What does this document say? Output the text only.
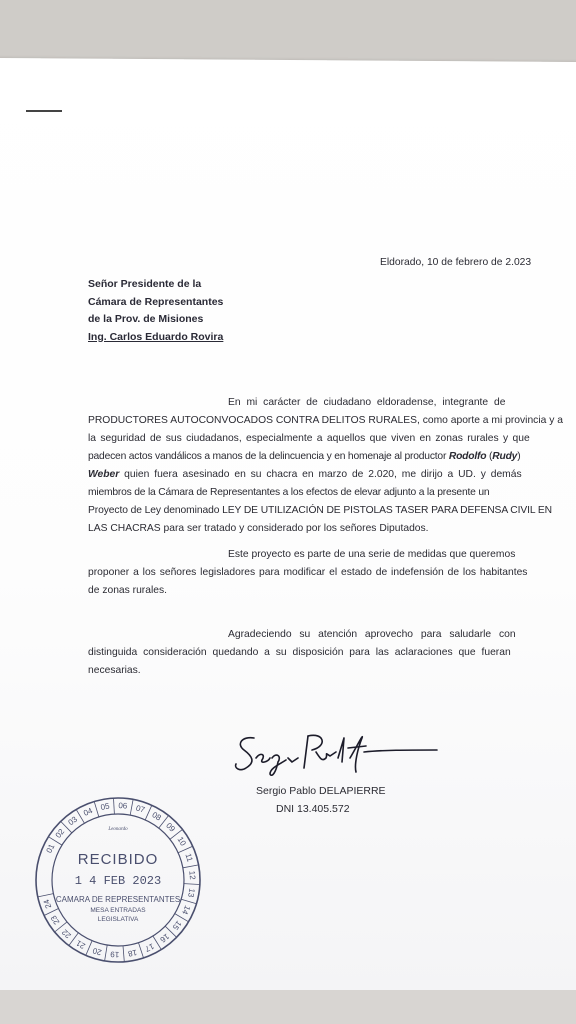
Eldorado, 10 de febrero de 2.023
Señor Presidente de la
Cámara de Representantes
de la Prov. de Misiones
Ing. Carlos Eduardo Rovira
En mi carácter de ciudadano eldoradense, integrante de
PRODUCTORES AUTOCONVOCADOS CONTRA DELITOS RURALES, como aporte a mi provincia y a
la seguridad de sus ciudadanos, especialmente a aquellos que viven en zonas rurales y que
padecen actos vandálicos a manos de la delincuencia y en homenaje al productor Rodolfo (Rudy)
Weber quien fuera asesinado en su chacra en marzo de 2.020, me dirijo a UD. y demás
miembros de la Cámara de Representantes a los efectos de elevar adjunto a la presente un
Proyecto de Ley denominado LEY DE UTILIZACIÓN DE PISTOLAS TASER PARA DEFENSA CIVIL EN
LAS CHACRAS para ser tratado y considerado por los señores Diputados.
Este proyecto es parte de una serie de medidas que queremos
proponer a los señores legisladores para modificar el estado de indefensión de los habitantes
de zonas rurales.
Agradeciendo su atención aprovecho para saludarle con
distinguida consideración quedando a su disposición para las aclaraciones que fueran
necesarias.
Sergio Pablo DELAPIERRE
DNI 13.405.572
01
02
03
04 05 06 07
08
09
10
11
12
13
14
15
16
17
18
19
20
21
22
23
24
Leonardo
RECIBIDO
1 4 FEB 2023
CAMARA DE REPRESENTANTES
MESA ENTRADAS
LEGISLATIVA
